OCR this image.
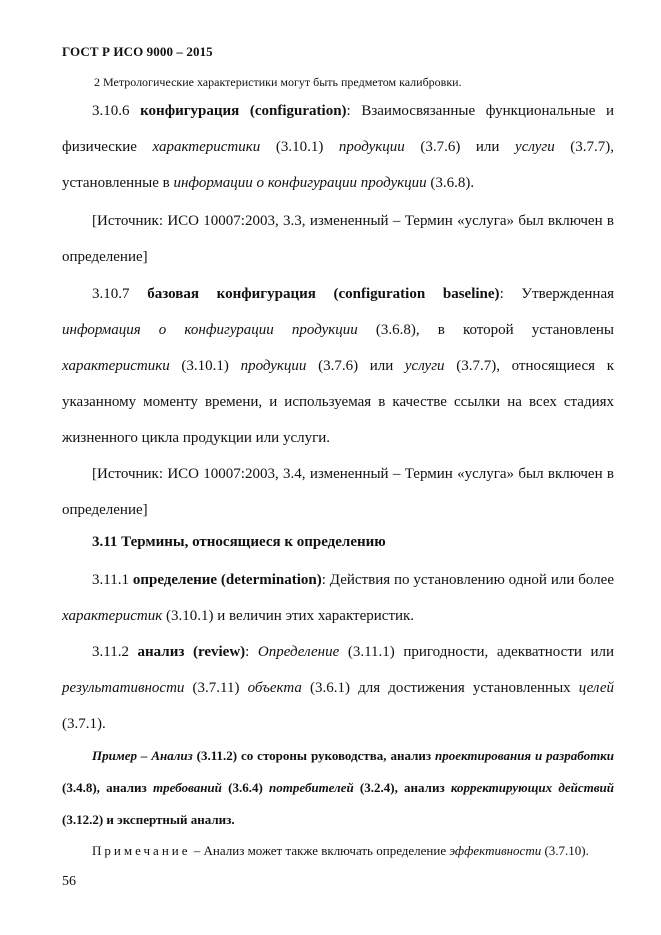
ГОСТ Р ИСО 9000 – 2015
2 Метрологические характеристики могут быть предметом калибровки.

3.10.6 конфигурация (configuration): Взаимосвязанные функциональные и физические характеристики (3.10.1) продукции (3.7.6) или услуги (3.7.7), установленные в информации о конфигурации продукции (3.6.8).

[Источник: ИСО 10007:2003, 3.3, измененный – Термин «услуга» был включен в определение]

3.10.7 базовая конфигурация (configuration baseline): Утвержденная информация о конфигурации продукции (3.6.8), в которой установлены характеристики (3.10.1) продукции (3.7.6) или услуги (3.7.7), относящиеся к указанному моменту времени, и используемая в качестве ссылки на всех стадиях жизненного цикла продукции или услуги.

[Источник: ИСО 10007:2003, 3.4, измененный – Термин «услуга» был включен в определение]

3.11 Термины, относящиеся к определению

3.11.1 определение (determination): Действия по установлению одной или более характеристик (3.10.1) и величин этих характеристик.

3.11.2 анализ (review): Определение (3.11.1) пригодности, адекватности или результативности (3.7.11) объекта (3.6.1) для достижения установленных целей (3.7.1).

Пример – Анализ (3.11.2) со стороны руководства, анализ проектирования и разработки (3.4.8), анализ требований (3.6.4) потребителей (3.2.4), анализ корректирующих действий (3.12.2) и экспертный анализ.

Примечание – Анализ может также включать определение эффективности (3.7.10).
56
